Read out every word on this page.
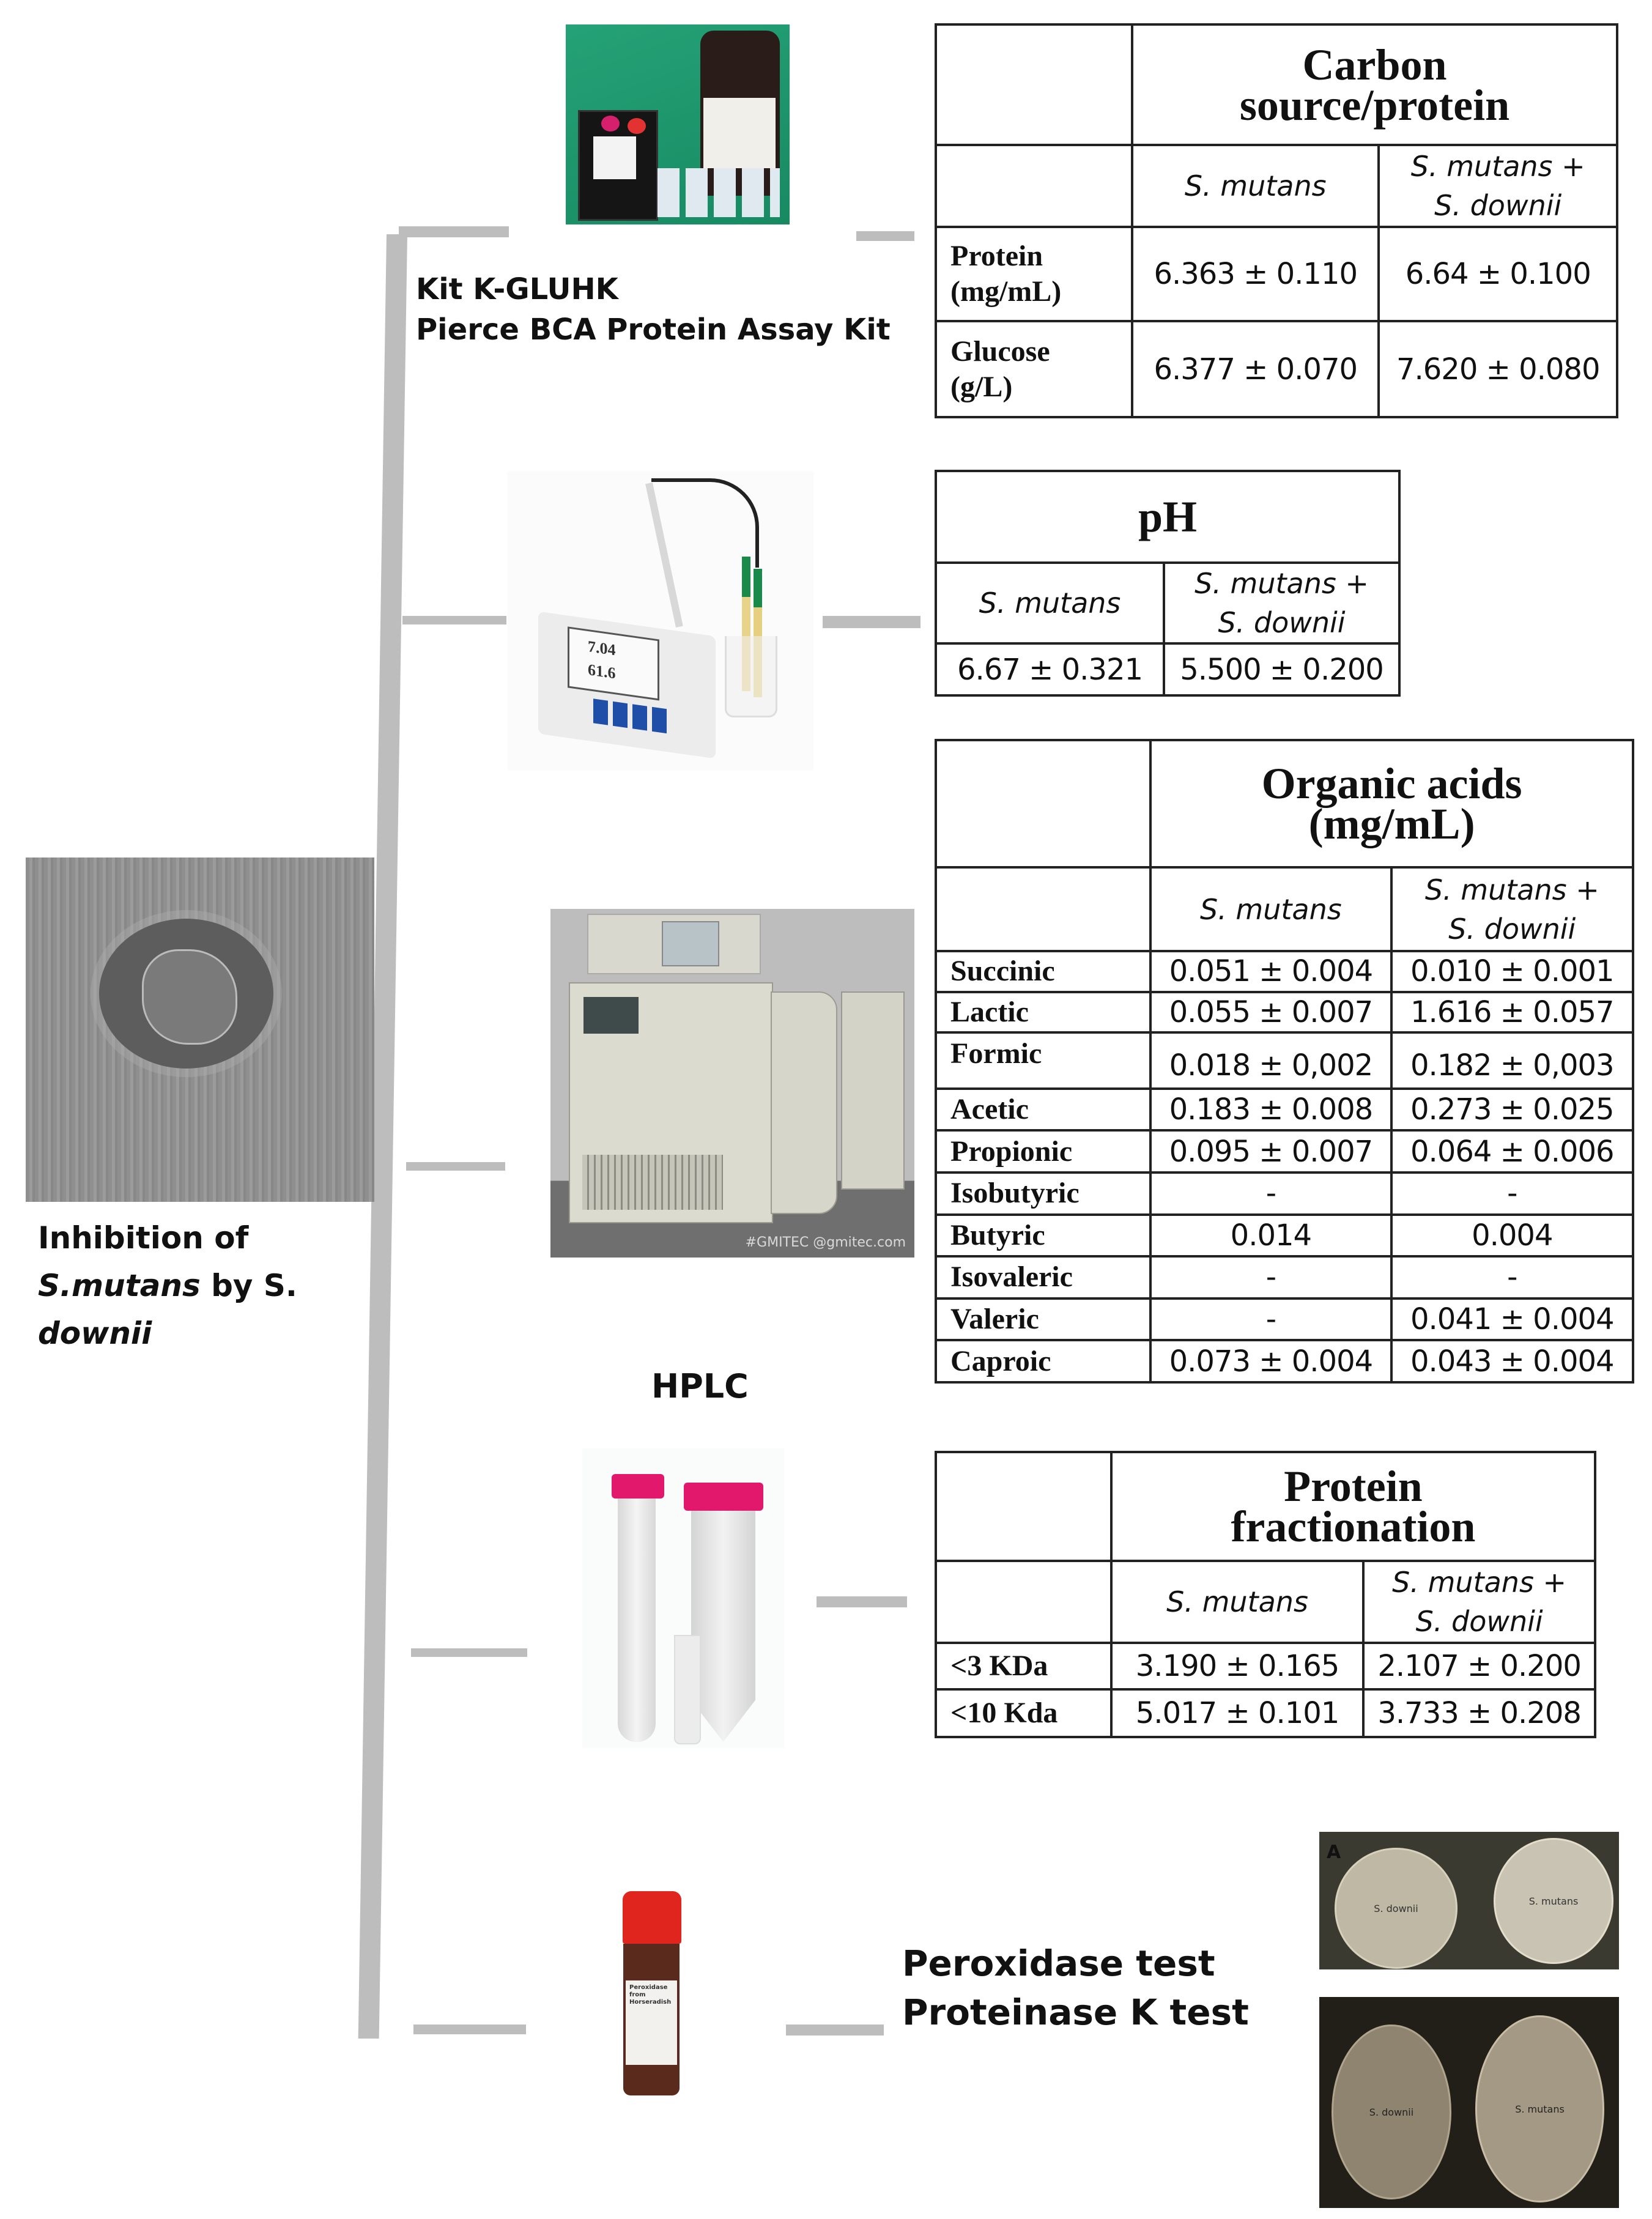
Inhibition of
S.mutans by S.
downii
Kit K-GLUHK
Pierce BCA Protein Assay Kit

	Carbon
source/protein	

	S. mutans	S. mutans +
S. downii

Protein
(mg/mL)	6.363 ± 0.110	6.64 ± 0.100

Glucose
(g/L)	6.377 ± 0.070	7.620 ± 0.080
7.04
61.6
pH	
S. mutans	S. mutans +
S. downii

6.67 ± 0.321	5.500 ± 0.200
#GMITEC @gmitec.com
HPLC

	Organic acids
(mg/mL)	

	S. mutans	S. mutans +
S. downii

Succinic	0.051 ± 0.004	0.010 ± 0.001
Lactic	0.055 ± 0.007	1.616 ± 0.057
Formic	0.018 ± 0,002	0.182 ± 0,003
Acetic	0.183 ± 0.008	0.273 ± 0.025
Propionic	0.095 ± 0.007	0.064 ± 0.006
Isobutyric	-	-
Butyric	0.014	0.004
Isovaleric	-	-
Valeric	-	0.041 ± 0.004
Caproic	0.073 ± 0.004	0.043 ± 0.004

	Protein
fractionation	

	S. mutans	S. mutans +
S. downii

<3 KDa	3.190 ± 0.165	2.107 ± 0.200
<10 Kda	5.017 ± 0.101	3.733 ± 0.208
Peroxidase from Horseradish
Peroxidase test
Proteinase K test
A
S. downii
S. mutans
S. downii	S. mutans
